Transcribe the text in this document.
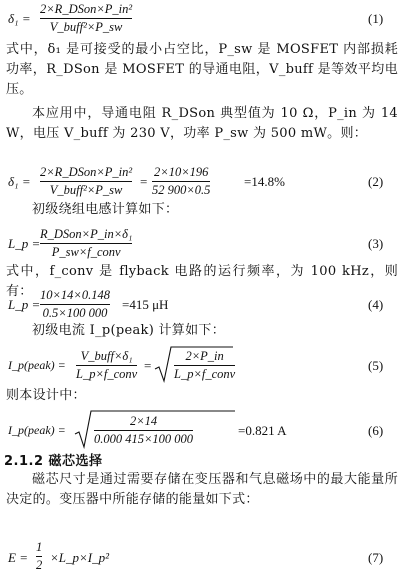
δ₁ =
2×R_DSon×P_in²
V_buff²×P_sw
(1)
式中，δ₁ 是可接受的最小占空比，P_sw 是 MOSFET 内部损耗功率，R_DSon 是 MOSFET 的导通电阻，V_buff 是等效平均电压。
本应用中，导通电阻 R_DSon 典型值为 10 Ω，P_in 为 14 W，电压 V_buff 为 230 V，功率 P_sw 为 500 mW。则：
δ₁ =
2×R_DSon×P_in²
V_buff²×P_sw
=
2×10×196
52 900×0.5
=14.8%	(2)
初级绕组电感计算如下：
L_p =
R_DSon×P_in×δ₁
P_sw×f_conv
(3)
式中，f_conv 是 flyback 电路的运行频率，为 100 kHz，则有：
L_p =
10×14×0.148
0.5×100 000
=415 μH	(4)
初级电流 I_p(peak) 计算如下：
I_p(peak) =
V_buff×δ₁
L_p×f_conv
=
2×P_in
L_p×f_conv
(5)
则本设计中：
I_p(peak) =
2×14
0.000 415×100 000
=0.821 A	(6)
2.1.2 磁芯选择
磁芯尺寸是通过需要存储在变压器和气息磁场中的最大能量所决定的。变压器中所能存储的能量如下式：
E =
1
2 ×L_p×I_p²	(7)
